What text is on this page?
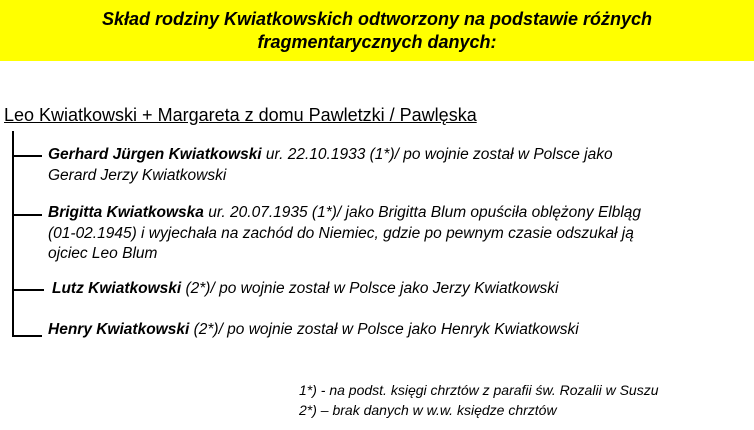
Skład rodziny Kwiatkowskich odtworzony na podstawie różnych
fragmentarycznych danych:
Leo Kwiatkowski + Margareta z domu Pawletzki / Pawlęska
Gerhard Jürgen Kwiatkowski ur. 22.10.1933 (1*)/ po wojnie został w Polsce jako
Gerard Jerzy Kwiatkowski
Brigitta Kwiatkowska ur. 20.07.1935 (1*)/ jako Brigitta Blum opuściła oblężony Elbląg
(01-02.1945) i wyjechała na zachód do Niemiec, gdzie po pewnym czasie odszukał ją
ojciec Leo Blum
Lutz Kwiatkowski (2*)/ po wojnie został w Polsce jako Jerzy Kwiatkowski
Henry Kwiatkowski (2*)/ po wojnie został w Polsce jako Henryk Kwiatkowski
1*) - na podst. księgi chrztów z parafii św. Rozalii w Suszu
2*) – brak danych w w.w. księdze chrztów
